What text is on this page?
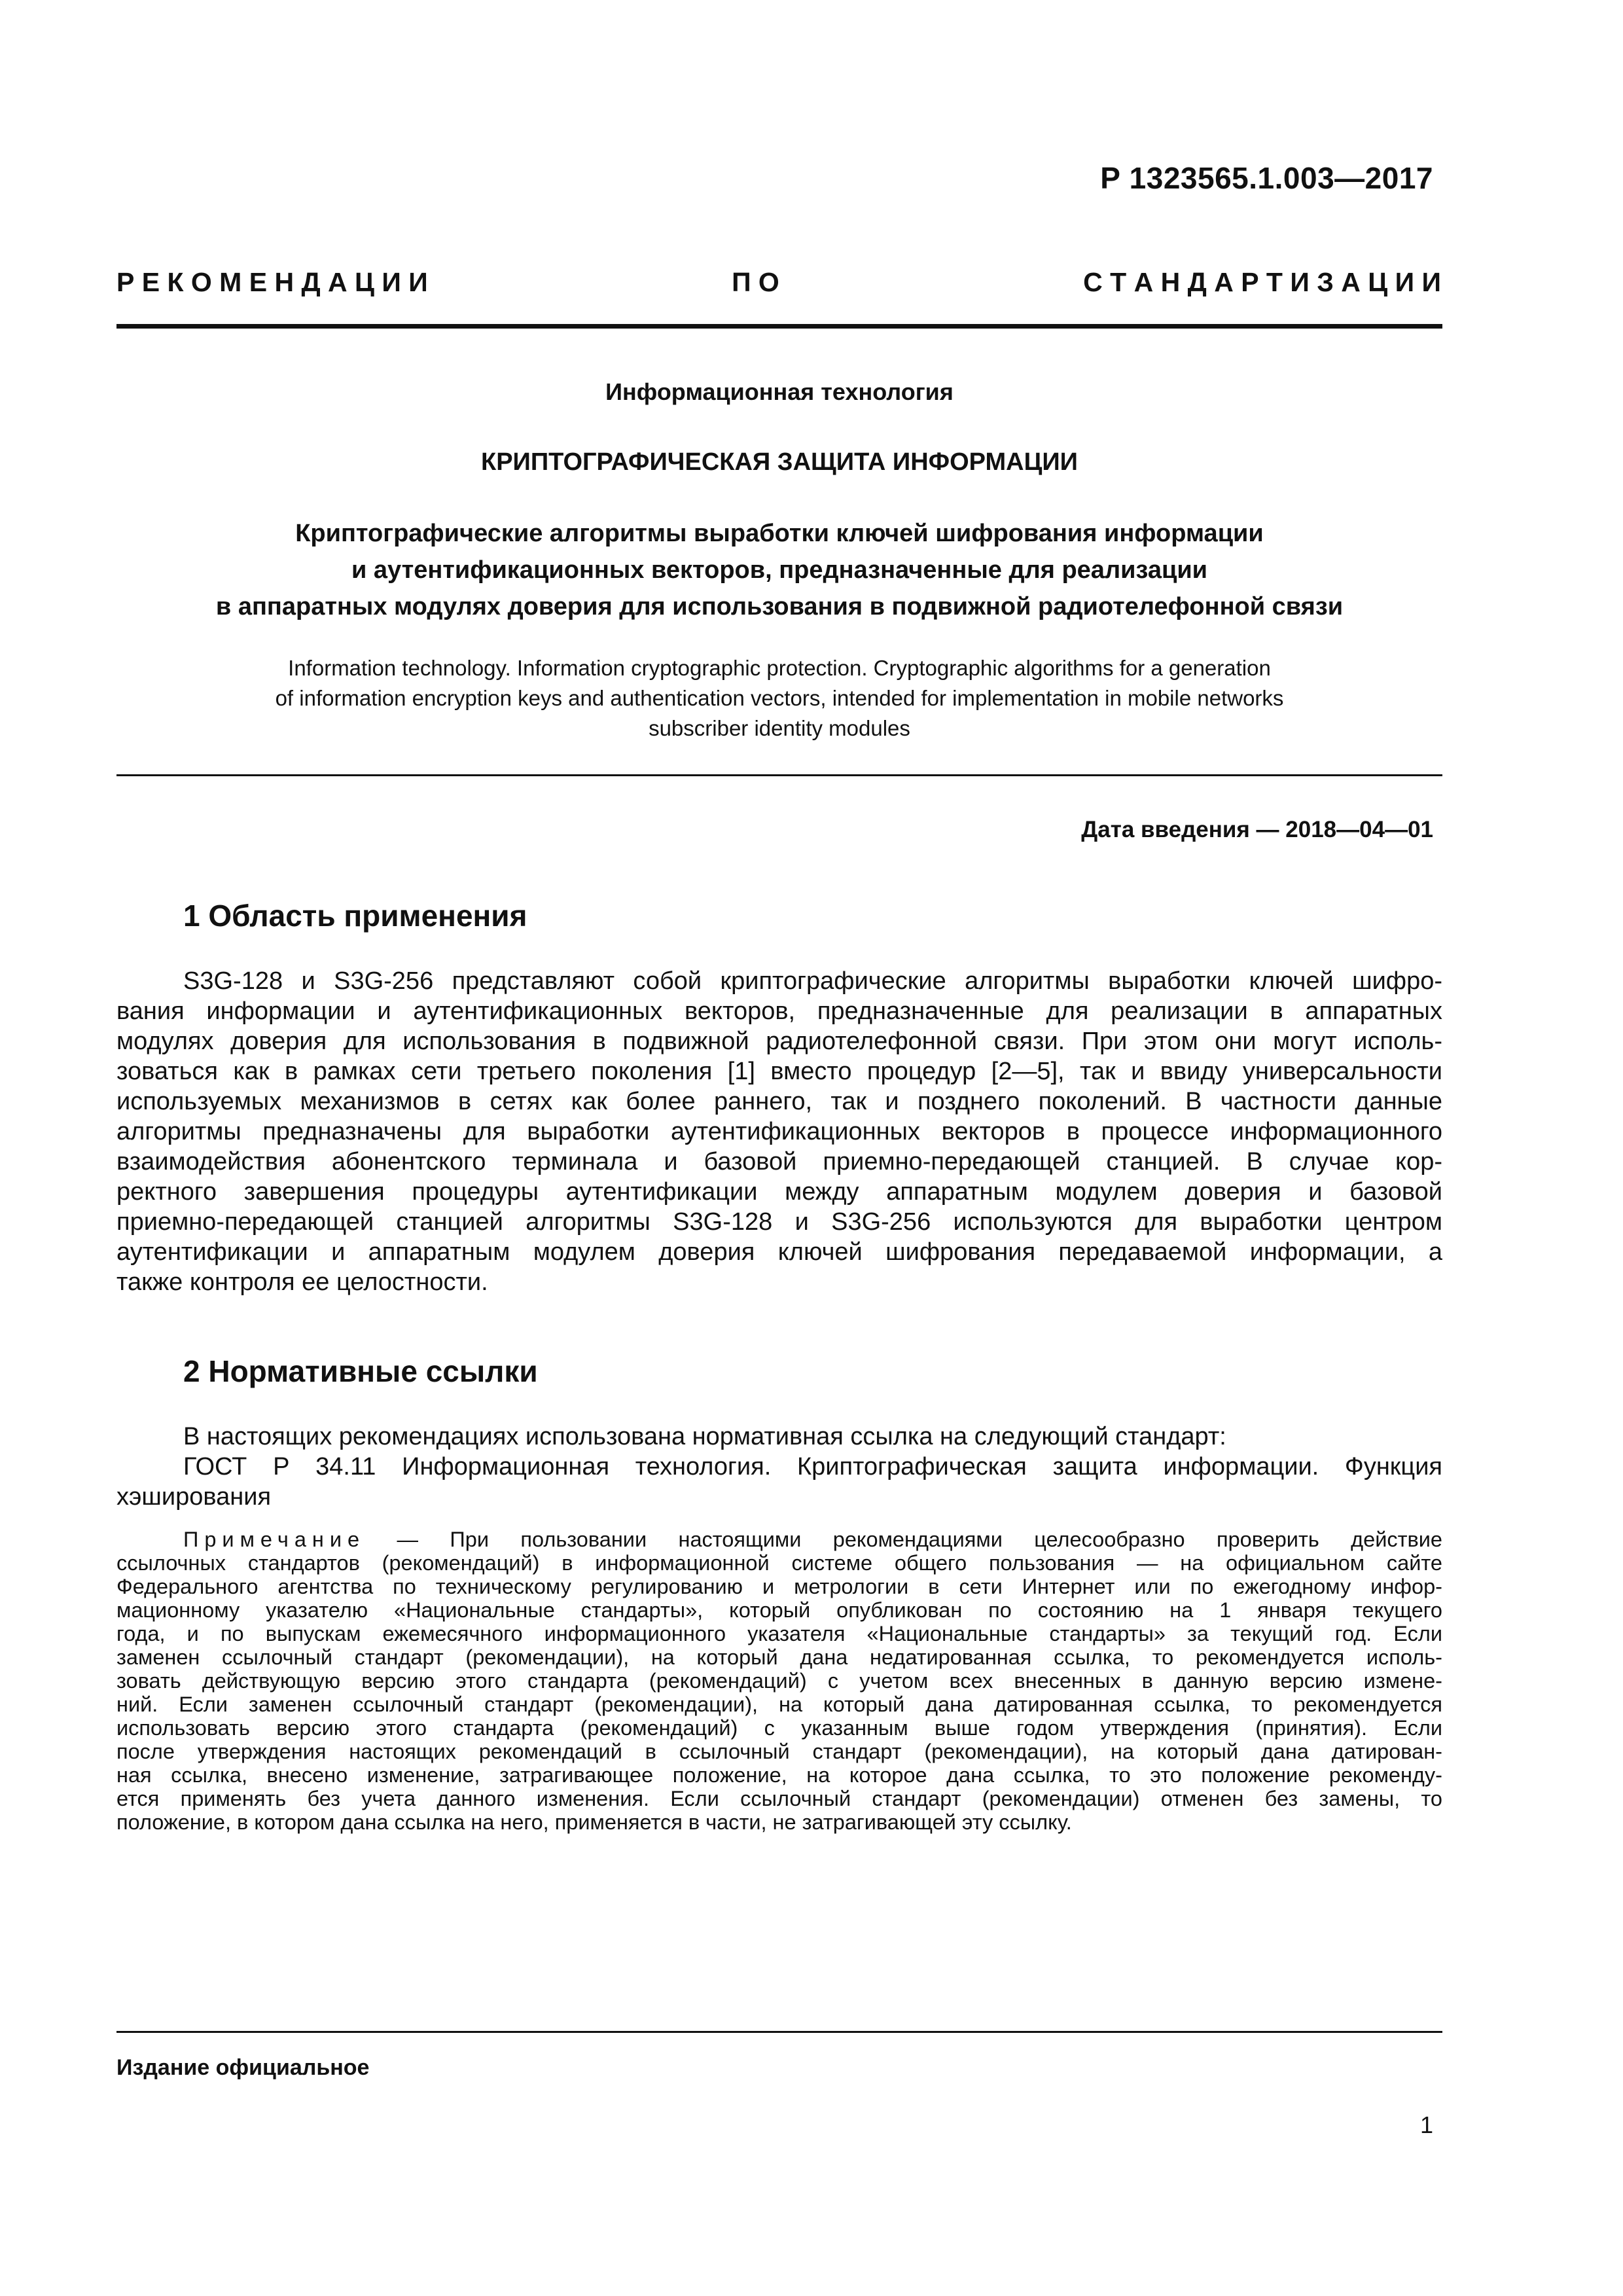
Р 1323565.1.003—2017
Р Е К О М Е Н Д А Ц И И	П О	С Т А Н Д А Р Т И З А Ц И И
Информационная технология
КРИПТОГРАФИЧЕСКАЯ ЗАЩИТА ИНФОРМАЦИИ
Криптографические алгоритмы выработки ключей шифрования информации
и аутентификационных векторов, предназначенные для реализации
в аппаратных модулях доверия для использования в подвижной радиотелефонной связи
Information technology. Information cryptographic protection. Cryptographic algorithms for a generation
of information encryption keys and authentication vectors, intended for implementation in mobile networks
subscriber identity modules
Дата введения — 2018—04—01
1 Область применения
S3G-128 и S3G-256 представляют собой криптографические алгоритмы выработки ключей шифро-
вания информации и аутентификационных векторов, предназначенные для реализации в аппаратных
модулях доверия для использования в подвижной радиотелефонной связи. При этом они могут исполь-
зоваться как в рамках сети третьего поколения [1] вместо процедур [2—5], так и ввиду универсальности
используемых механизмов в сетях как более раннего, так и позднего поколений. В частности данные
алгоритмы предназначены для выработки аутентификационных векторов в процессе информационного
взаимодействия абонентского терминала и базовой приемно-передающей станцией. В случае кор-
ректного завершения процедуры аутентификации между аппаратным модулем доверия и базовой
приемно-передающей станцией алгоритмы S3G-128 и S3G-256 используются для выработки центром
аутентификации и аппаратным модулем доверия ключей шифрования передаваемой информации, а
также контроля ее целостности.
2 Нормативные ссылки
В настоящих рекомендациях использована нормативная ссылка на следующий стандарт:
ГОСТ Р 34.11 Информационная технология. Криптографическая защита информации. Функция
хэширования
Примечание — При пользовании настоящими рекомендациями целесообразно проверить действие
ссылочных стандартов (рекомендаций) в информационной системе общего пользования — на официальном сайте
Федерального агентства по техническому регулированию и метрологии в сети Интернет или по ежегодному инфор-
мационному указателю «Национальные стандарты», который опубликован по состоянию на 1 января текущего
года, и по выпускам ежемесячного информационного указателя «Национальные стандарты» за текущий год. Если
заменен ссылочный стандарт (рекомендации), на который дана недатированная ссылка, то рекомендуется исполь-
зовать действующую версию этого стандарта (рекомендаций) с учетом всех внесенных в данную версию измене-
ний. Если заменен ссылочный стандарт (рекомендации), на который дана датированная ссылка, то рекомендуется
использовать версию этого стандарта (рекомендаций) с указанным выше годом утверждения (принятия). Если
после утверждения настоящих рекомендаций в ссылочный стандарт (рекомендации), на который дана датирован-
ная ссылка, внесено изменение, затрагивающее положение, на которое дана ссылка, то это положение рекоменду-
ется применять без учета данного изменения. Если ссылочный стандарт (рекомендации) отменен без замены, то
положение, в котором дана ссылка на него, применяется в части, не затрагивающей эту ссылку.
Издание официальное
1
